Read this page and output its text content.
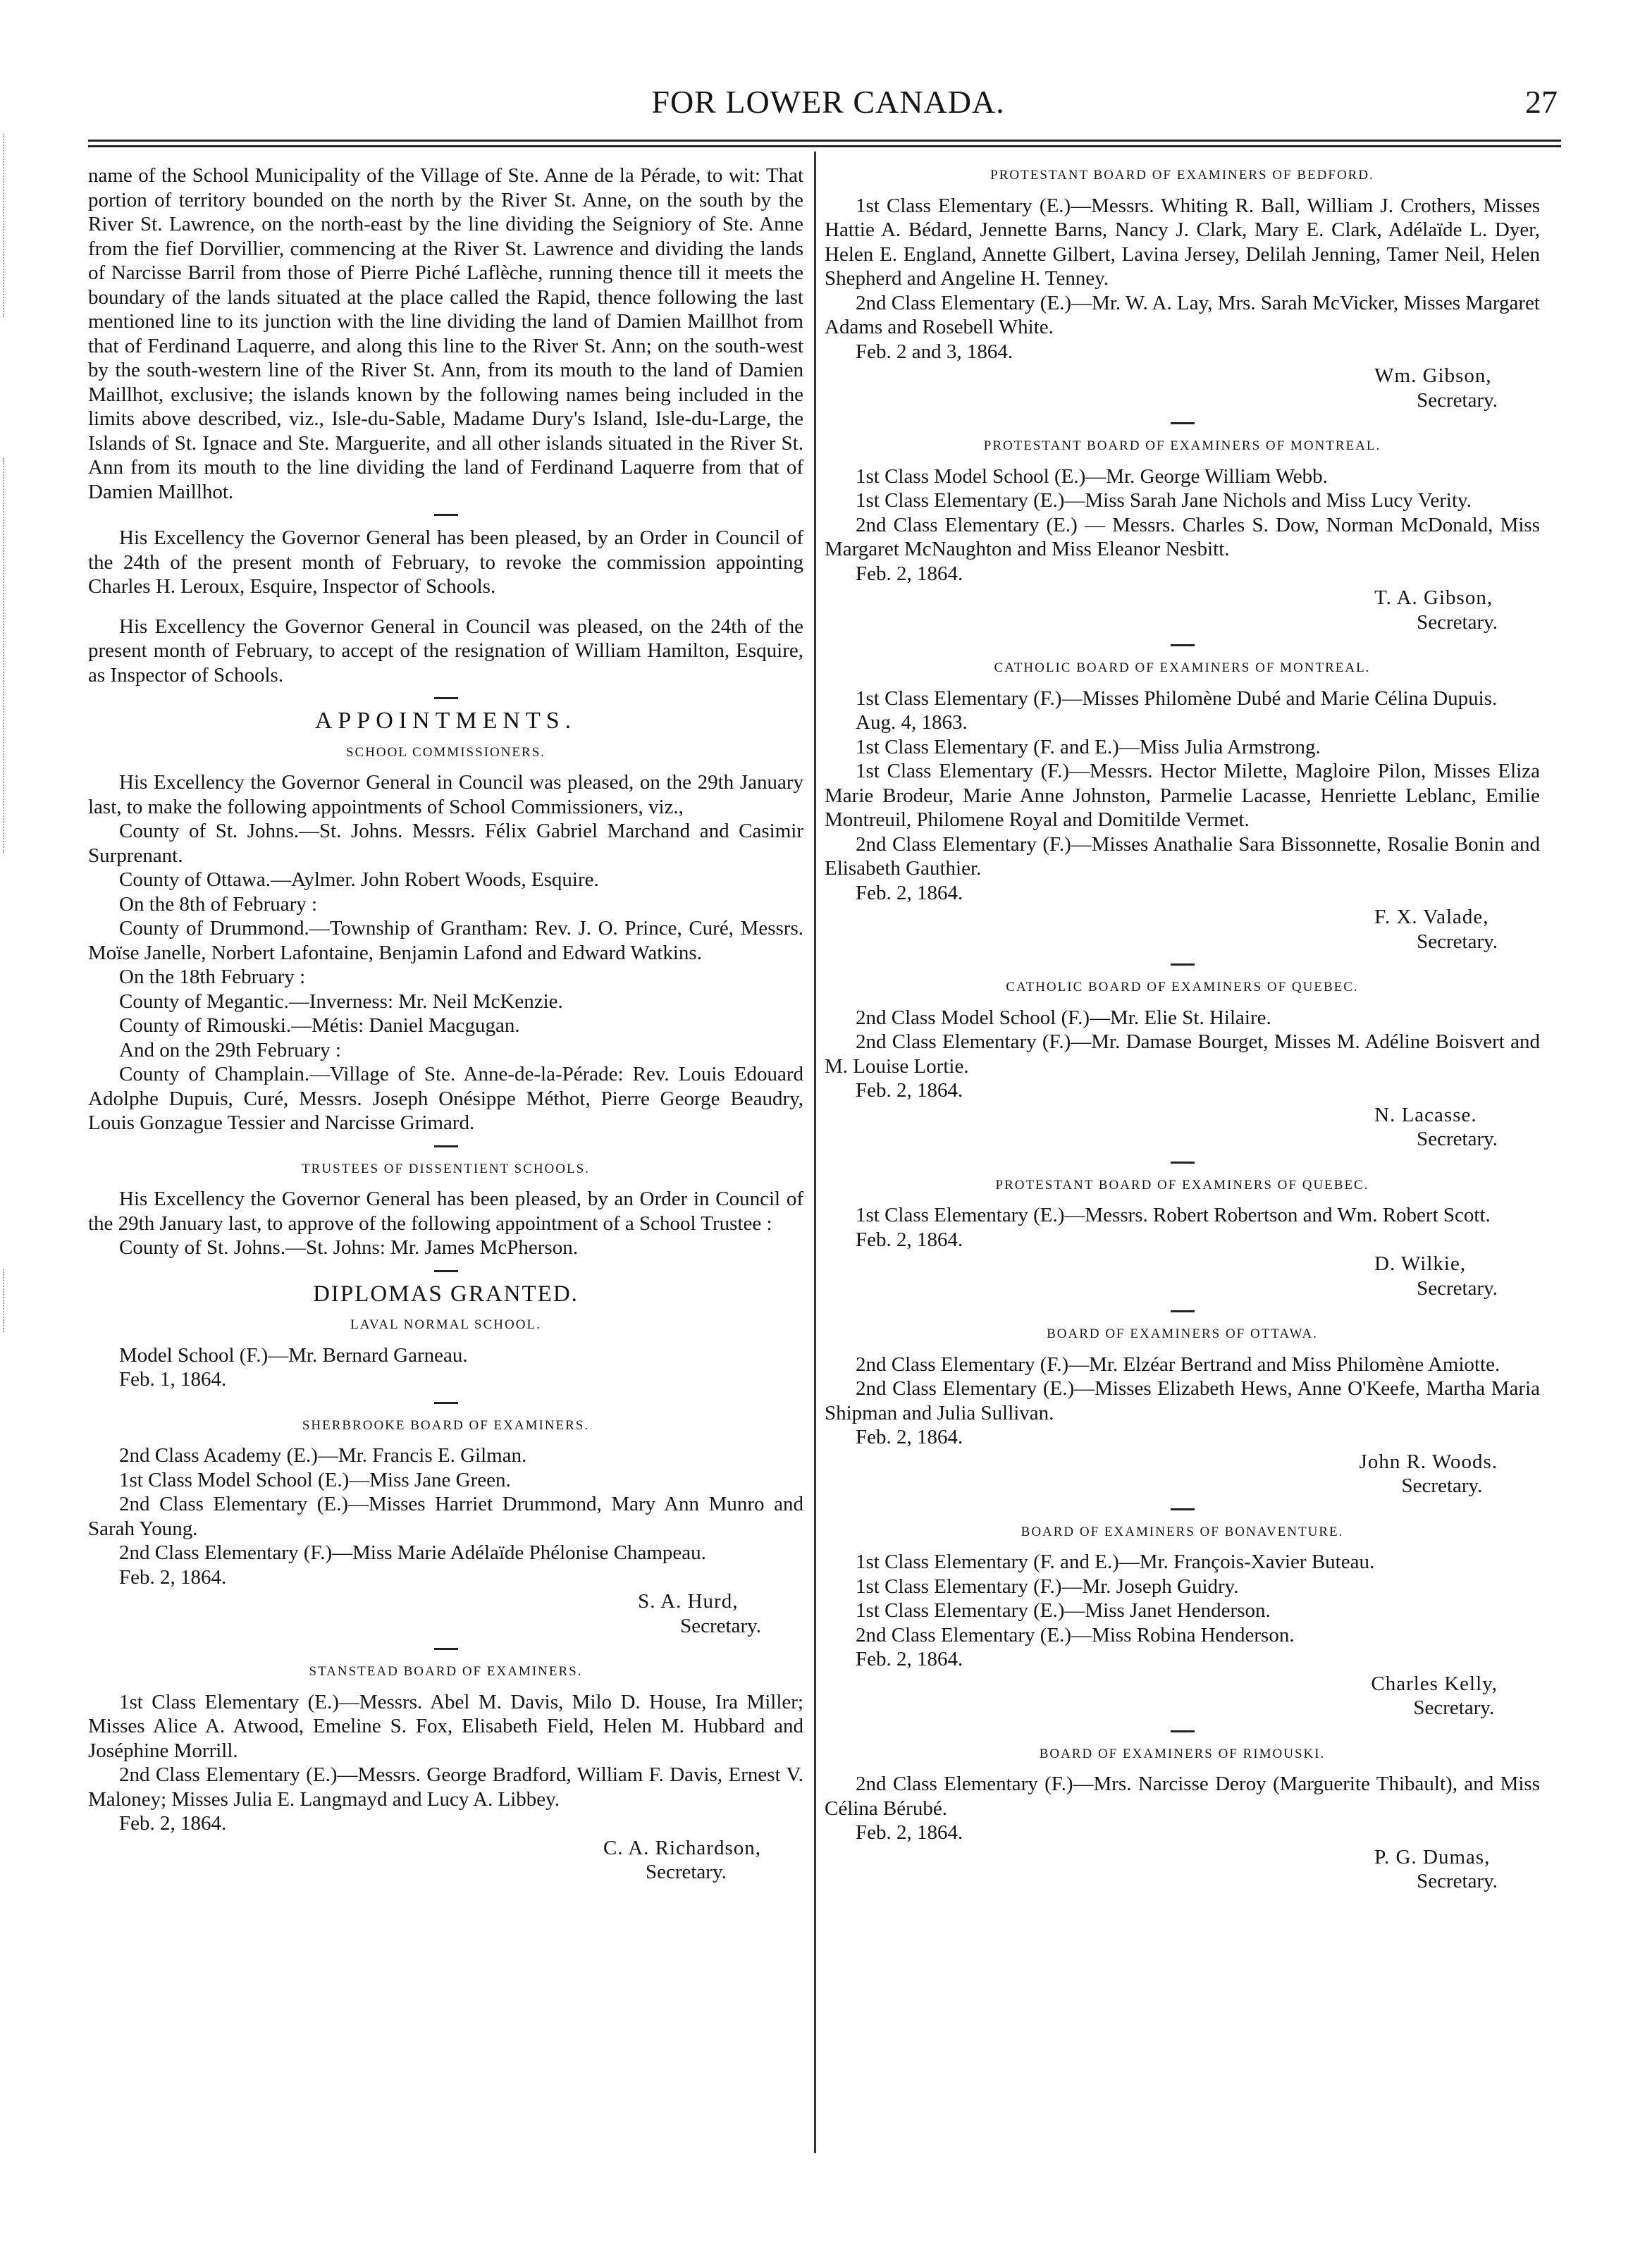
FOR LOWER CANADA.	27

name of the School Municipality of the Village of Ste. Anne de la Pérade, to wit: That portion of territory bounded on the north by the River St. Anne, on the south by the River St. Lawrence, on the north-east by the line dividing the Seigniory of Ste. Anne from the fief Dorvillier, commencing at the River St. Lawrence and dividing the lands of Narcisse Barril from those of Pierre Piché Laflèche, running thence till it meets the boundary of the lands situated at the place called the Rapid, thence following the last mentioned line to its junction with the line dividing the land of Damien Maillhot from that of Ferdinand Laquerre, and along this line to the River St. Ann; on the south-west by the south-western line of the River St. Ann, from its mouth to the land of Damien Maillhot, exclusive; the islands known by the following names being included in the limits above described, viz., Isle-du-Sable, Madame Dury's Island, Isle-du-Large, the Islands of St. Ignace and Ste. Marguerite, and all other islands situated in the River St. Ann from its mouth to the line dividing the land of Ferdinand Laquerre from that of Damien Maillhot.

His Excellency the Governor General has been pleased, by an Order in Council of the 24th of the present month of February, to revoke the commission appointing Charles H. Leroux, Esquire, Inspector of Schools.

His Excellency the Governor General in Council was pleased, on the 24th of the present month of February, to accept of the resignation of William Hamilton, Esquire, as Inspector of Schools.

APPOINTMENTS.
SCHOOL COMMISSIONERS.

His Excellency the Governor General in Council was pleased, on the 29th January last, to make the following appointments of School Commissioners, viz.,

County of St. Johns.—St. Johns. Messrs. Félix Gabriel Marchand and Casimir Surprenant.

County of Ottawa.—Aylmer. John Robert Woods, Esquire.

On the 8th of February :

County of Drummond.—Township of Grantham: Rev. J. O. Prince, Curé, Messrs. Moïse Janelle, Norbert Lafontaine, Benjamin Lafond and Edward Watkins.

On the 18th February :

County of Megantic.—Inverness: Mr. Neil McKenzie.

County of Rimouski.—Métis: Daniel Macgugan.

And on the 29th February :

County of Champlain.—Village of Ste. Anne-de-la-Pérade: Rev. Louis Edouard Adolphe Dupuis, Curé, Messrs. Joseph Onésippe Méthot, Pierre George Beaudry, Louis Gonzague Tessier and Narcisse Grimard.

TRUSTEES OF DISSENTIENT SCHOOLS.

His Excellency the Governor General has been pleased, by an Order in Council of the 29th January last, to approve of the following appointment of a School Trustee :

County of St. Johns.—St. Johns: Mr. James McPherson.

DIPLOMAS GRANTED.
LAVAL NORMAL SCHOOL.

Model School (F.)—Mr. Bernard Garneau.

Feb. 1, 1864.

SHERBROOKE BOARD OF EXAMINERS.

2nd Class Academy (E.)—Mr. Francis E. Gilman.

1st Class Model School (E.)—Miss Jane Green.

2nd Class Elementary (E.)—Misses Harriet Drummond, Mary Ann Munro and Sarah Young.

2nd Class Elementary (F.)—Miss Marie Adélaïde Phélonise Champeau.

Feb. 2, 1864.

S. A. Hurd,
Secretary.
STANSTEAD BOARD OF EXAMINERS.

1st Class Elementary (E.)—Messrs. Abel M. Davis, Milo D. House, Ira Miller; Misses Alice A. Atwood, Emeline S. Fox, Elisabeth Field, Helen M. Hubbard and Joséphine Morrill.

2nd Class Elementary (E.)—Messrs. George Bradford, William F. Davis, Ernest V. Maloney; Misses Julia E. Langmayd and Lucy A. Libbey.

Feb. 2, 1864.

C. A. Richardson,
Secretary.
PROTESTANT BOARD OF EXAMINERS OF BEDFORD.

1st Class Elementary (E.)—Messrs. Whiting R. Ball, William J. Crothers, Misses Hattie A. Bédard, Jennette Barns, Nancy J. Clark, Mary E. Clark, Adélaïde L. Dyer, Helen E. England, Annette Gilbert, Lavina Jersey, Delilah Jenning, Tamer Neil, Helen Shepherd and Angeline H. Tenney.

2nd Class Elementary (E.)—Mr. W. A. Lay, Mrs. Sarah McVicker, Misses Margaret Adams and Rosebell White.

Feb. 2 and 3, 1864.

Wm. Gibson,
Secretary.
PROTESTANT BOARD OF EXAMINERS OF MONTREAL.

1st Class Model School (E.)—Mr. George William Webb.

1st Class Elementary (E.)—Miss Sarah Jane Nichols and Miss Lucy Verity.

2nd Class Elementary (E.) — Messrs. Charles S. Dow, Norman McDonald, Miss Margaret McNaughton and Miss Eleanor Nesbitt.

Feb. 2, 1864.

T. A. Gibson,
Secretary.
CATHOLIC BOARD OF EXAMINERS OF MONTREAL.

1st Class Elementary (F.)—Misses Philomène Dubé and Marie Célina Dupuis.

Aug. 4, 1863.

1st Class Elementary (F. and E.)—Miss Julia Armstrong.

1st Class Elementary (F.)—Messrs. Hector Milette, Magloire Pilon, Misses Eliza Marie Brodeur, Marie Anne Johnston, Parmelie Lacasse, Henriette Leblanc, Emilie Montreuil, Philomene Royal and Domitilde Vermet.

2nd Class Elementary (F.)—Misses Anathalie Sara Bissonnette, Rosalie Bonin and Elisabeth Gauthier.

Feb. 2, 1864.

F. X. Valade,
Secretary.
CATHOLIC BOARD OF EXAMINERS OF QUEBEC.

2nd Class Model School (F.)—Mr. Elie St. Hilaire.

2nd Class Elementary (F.)—Mr. Damase Bourget, Misses M. Adéline Boisvert and M. Louise Lortie.

Feb. 2, 1864.

N. Lacasse.
Secretary.
PROTESTANT BOARD OF EXAMINERS OF QUEBEC.

1st Class Elementary (E.)—Messrs. Robert Robertson and Wm. Robert Scott.

Feb. 2, 1864.

D. Wilkie,
Secretary.
BOARD OF EXAMINERS OF OTTAWA.

2nd Class Elementary (F.)—Mr. Elzéar Bertrand and Miss Philomène Amiotte.

2nd Class Elementary (E.)—Misses Elizabeth Hews, Anne O'Keefe, Martha Maria Shipman and Julia Sullivan.

Feb. 2, 1864.

John R. Woods.
Secretary.
BOARD OF EXAMINERS OF BONAVENTURE.

1st Class Elementary (F. and E.)—Mr. François-Xavier Buteau.

1st Class Elementary (F.)—Mr. Joseph Guidry.

1st Class Elementary (E.)—Miss Janet Henderson.

2nd Class Elementary (E.)—Miss Robina Henderson.

Feb. 2, 1864.

Charles Kelly,
Secretary.
BOARD OF EXAMINERS OF RIMOUSKI.

2nd Class Elementary (F.)—Mrs. Narcisse Deroy (Marguerite Thibault), and Miss Célina Bérubé.

Feb. 2, 1864.

P. G. Dumas,
Secretary.
